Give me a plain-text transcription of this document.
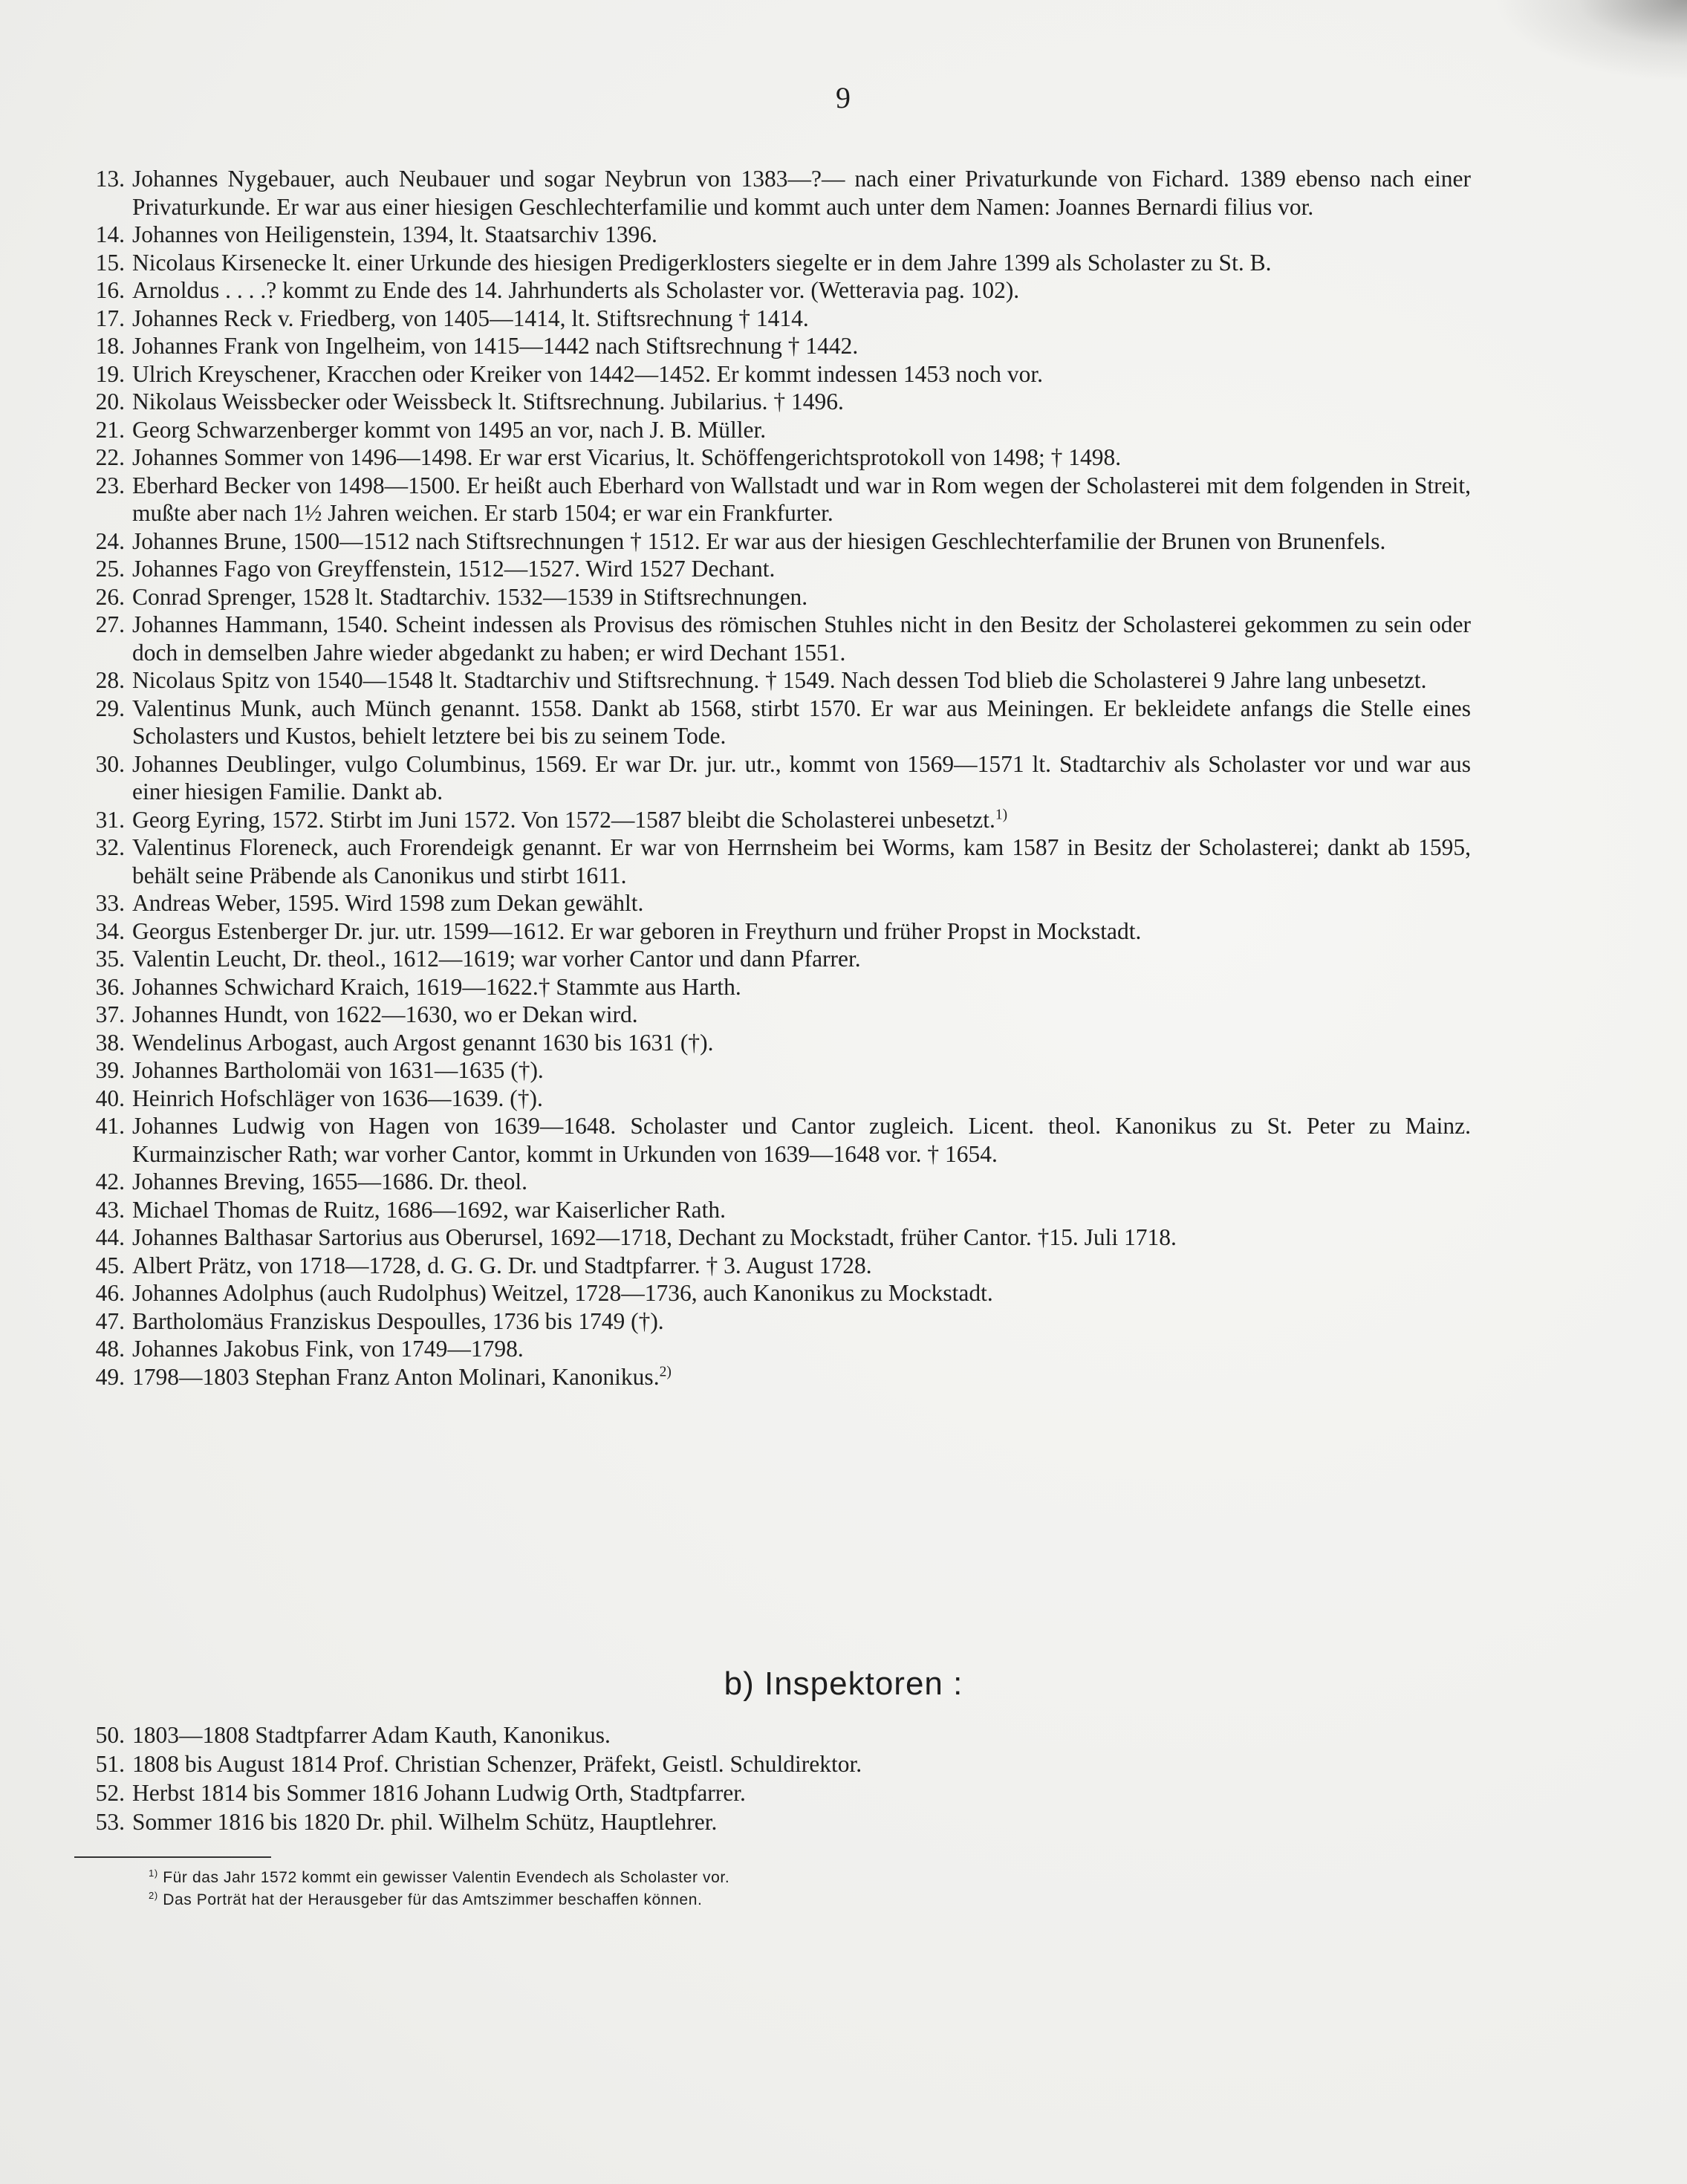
9
13. Johannes Nygebauer, auch Neubauer und sogar Neybrun von 1383—?— nach einer Privaturkunde von Fichard. 1389 ebenso nach einer Privaturkunde. Er war aus einer hiesigen Geschlechterfamilie und kommt auch unter dem Namen: Joannes Bernardi filius vor.
14. Johannes von Heiligenstein, 1394, lt. Staatsarchiv 1396.
15. Nicolaus Kirsenecke lt. einer Urkunde des hiesigen Predigerklosters siegelte er in dem Jahre 1399 als Scholaster zu St. B.
16. Arnoldus . . . .? kommt zu Ende des 14. Jahrhunderts als Scholaster vor. (Wetteravia pag. 102).
17. Johannes Reck v. Friedberg, von 1405—1414, lt. Stiftsrechnung † 1414.
18. Johannes Frank von Ingelheim, von 1415—1442 nach Stiftsrechnung † 1442.
19. Ulrich Kreyschener, Kracchen oder Kreiker von 1442—1452. Er kommt indessen 1453 noch vor.
20. Nikolaus Weissbecker oder Weissbeck lt. Stiftsrechnung. Jubilarius. † 1496.
21. Georg Schwarzenberger kommt von 1495 an vor, nach J. B. Müller.
22. Johannes Sommer von 1496—1498. Er war erst Vicarius, lt. Schöffengerichtsprotokoll von 1498; † 1498.
23. Eberhard Becker von 1498—1500. Er heißt auch Eberhard von Wallstadt und war in Rom wegen der Scholasterei mit dem folgenden in Streit, mußte aber nach 1½ Jahren weichen. Er starb 1504; er war ein Frankfurter.
24. Johannes Brune, 1500—1512 nach Stiftsrechnungen † 1512. Er war aus der hiesigen Geschlechterfamilie der Brunen von Brunenfels.
25. Johannes Fago von Greyffenstein, 1512—1527. Wird 1527 Dechant.
26. Conrad Sprenger, 1528 lt. Stadtarchiv. 1532—1539 in Stiftsrechnungen.
27. Johannes Hammann, 1540. Scheint indessen als Provisus des römischen Stuhles nicht in den Besitz der Scholasterei gekommen zu sein oder doch in demselben Jahre wieder abgedankt zu haben; er wird Dechant 1551.
28. Nicolaus Spitz von 1540—1548 lt. Stadtarchiv und Stiftsrechnung. † 1549. Nach dessen Tod blieb die Scholasterei 9 Jahre lang unbesetzt.
29. Valentinus Munk, auch Münch genannt. 1558. Dankt ab 1568, stirbt 1570. Er war aus Meiningen. Er bekleidete anfangs die Stelle eines Scholasters und Kustos, behielt letztere bei bis zu seinem Tode.
30. Johannes Deublinger, vulgo Columbinus, 1569. Er war Dr. jur. utr., kommt von 1569—1571 lt. Stadtarchiv als Scholaster vor und war aus einer hiesigen Familie. Dankt ab.
31. Georg Eyring, 1572. Stirbt im Juni 1572. Von 1572—1587 bleibt die Scholasterei unbesetzt.$^{1)}$
32. Valentinus Floreneck, auch Frorendeigk genannt. Er war von Herrnsheim bei Worms, kam 1587 in Besitz der Scholasterei; dankt ab 1595, behält seine Präbende als Canonikus und stirbt 1611.
33. Andreas Weber, 1595. Wird 1598 zum Dekan gewählt.
34. Georgus Estenberger Dr. jur. utr. 1599—1612. Er war geboren in Freythurn und früher Propst in Mockstadt.
35. Valentin Leucht, Dr. theol., 1612—1619; war vorher Cantor und dann Pfarrer.
36. Johannes Schwichard Kraich, 1619—1622.† Stammte aus Harth.
37. Johannes Hundt, von 1622—1630, wo er Dekan wird.
38. Wendelinus Arbogast, auch Argost genannt 1630 bis 1631 (†).
39. Johannes Bartholomäi von 1631—1635 (†).
40. Heinrich Hofschläger von 1636—1639. (†).
41. Johannes Ludwig von Hagen von 1639—1648. Scholaster und Cantor zugleich. Licent. theol. Kanonikus zu St. Peter zu Mainz. Kurmainzischer Rath; war vorher Cantor, kommt in Urkunden von 1639—1648 vor. † 1654.
42. Johannes Breving, 1655—1686. Dr. theol.
43. Michael Thomas de Ruitz, 1686—1692, war Kaiserlicher Rath.
44. Johannes Balthasar Sartorius aus Oberursel, 1692—1718, Dechant zu Mockstadt, früher Cantor. †15. Juli 1718.
45. Albert Prätz, von 1718—1728, d. G. G. Dr. und Stadtpfarrer. † 3. August 1728.
46. Johannes Adolphus (auch Rudolphus) Weitzel, 1728—1736, auch Kanonikus zu Mockstadt.
47. Bartholomäus Franziskus Despoulles, 1736 bis 1749 (†).
48. Johannes Jakobus Fink, von 1749—1798.
49. 1798—1803 Stephan Franz Anton Molinari, Kanonikus.$^{2)}$
b) Inspektoren :
50. 1803—1808 Stadtpfarrer Adam Kauth, Kanonikus.
51. 1808 bis August 1814 Prof. Christian Schenzer, Präfekt, Geistl. Schuldirektor.
52. Herbst 1814 bis Sommer 1816 Johann Ludwig Orth, Stadtpfarrer.
53. Sommer 1816 bis 1820 Dr. phil. Wilhelm Schütz, Hauptlehrer.
$^{1)}$ Für das Jahr 1572 kommt ein gewisser Valentin Evendech als Scholaster vor.
$^{2)}$ Das Porträt hat der Herausgeber für das Amtszimmer beschaffen können.
